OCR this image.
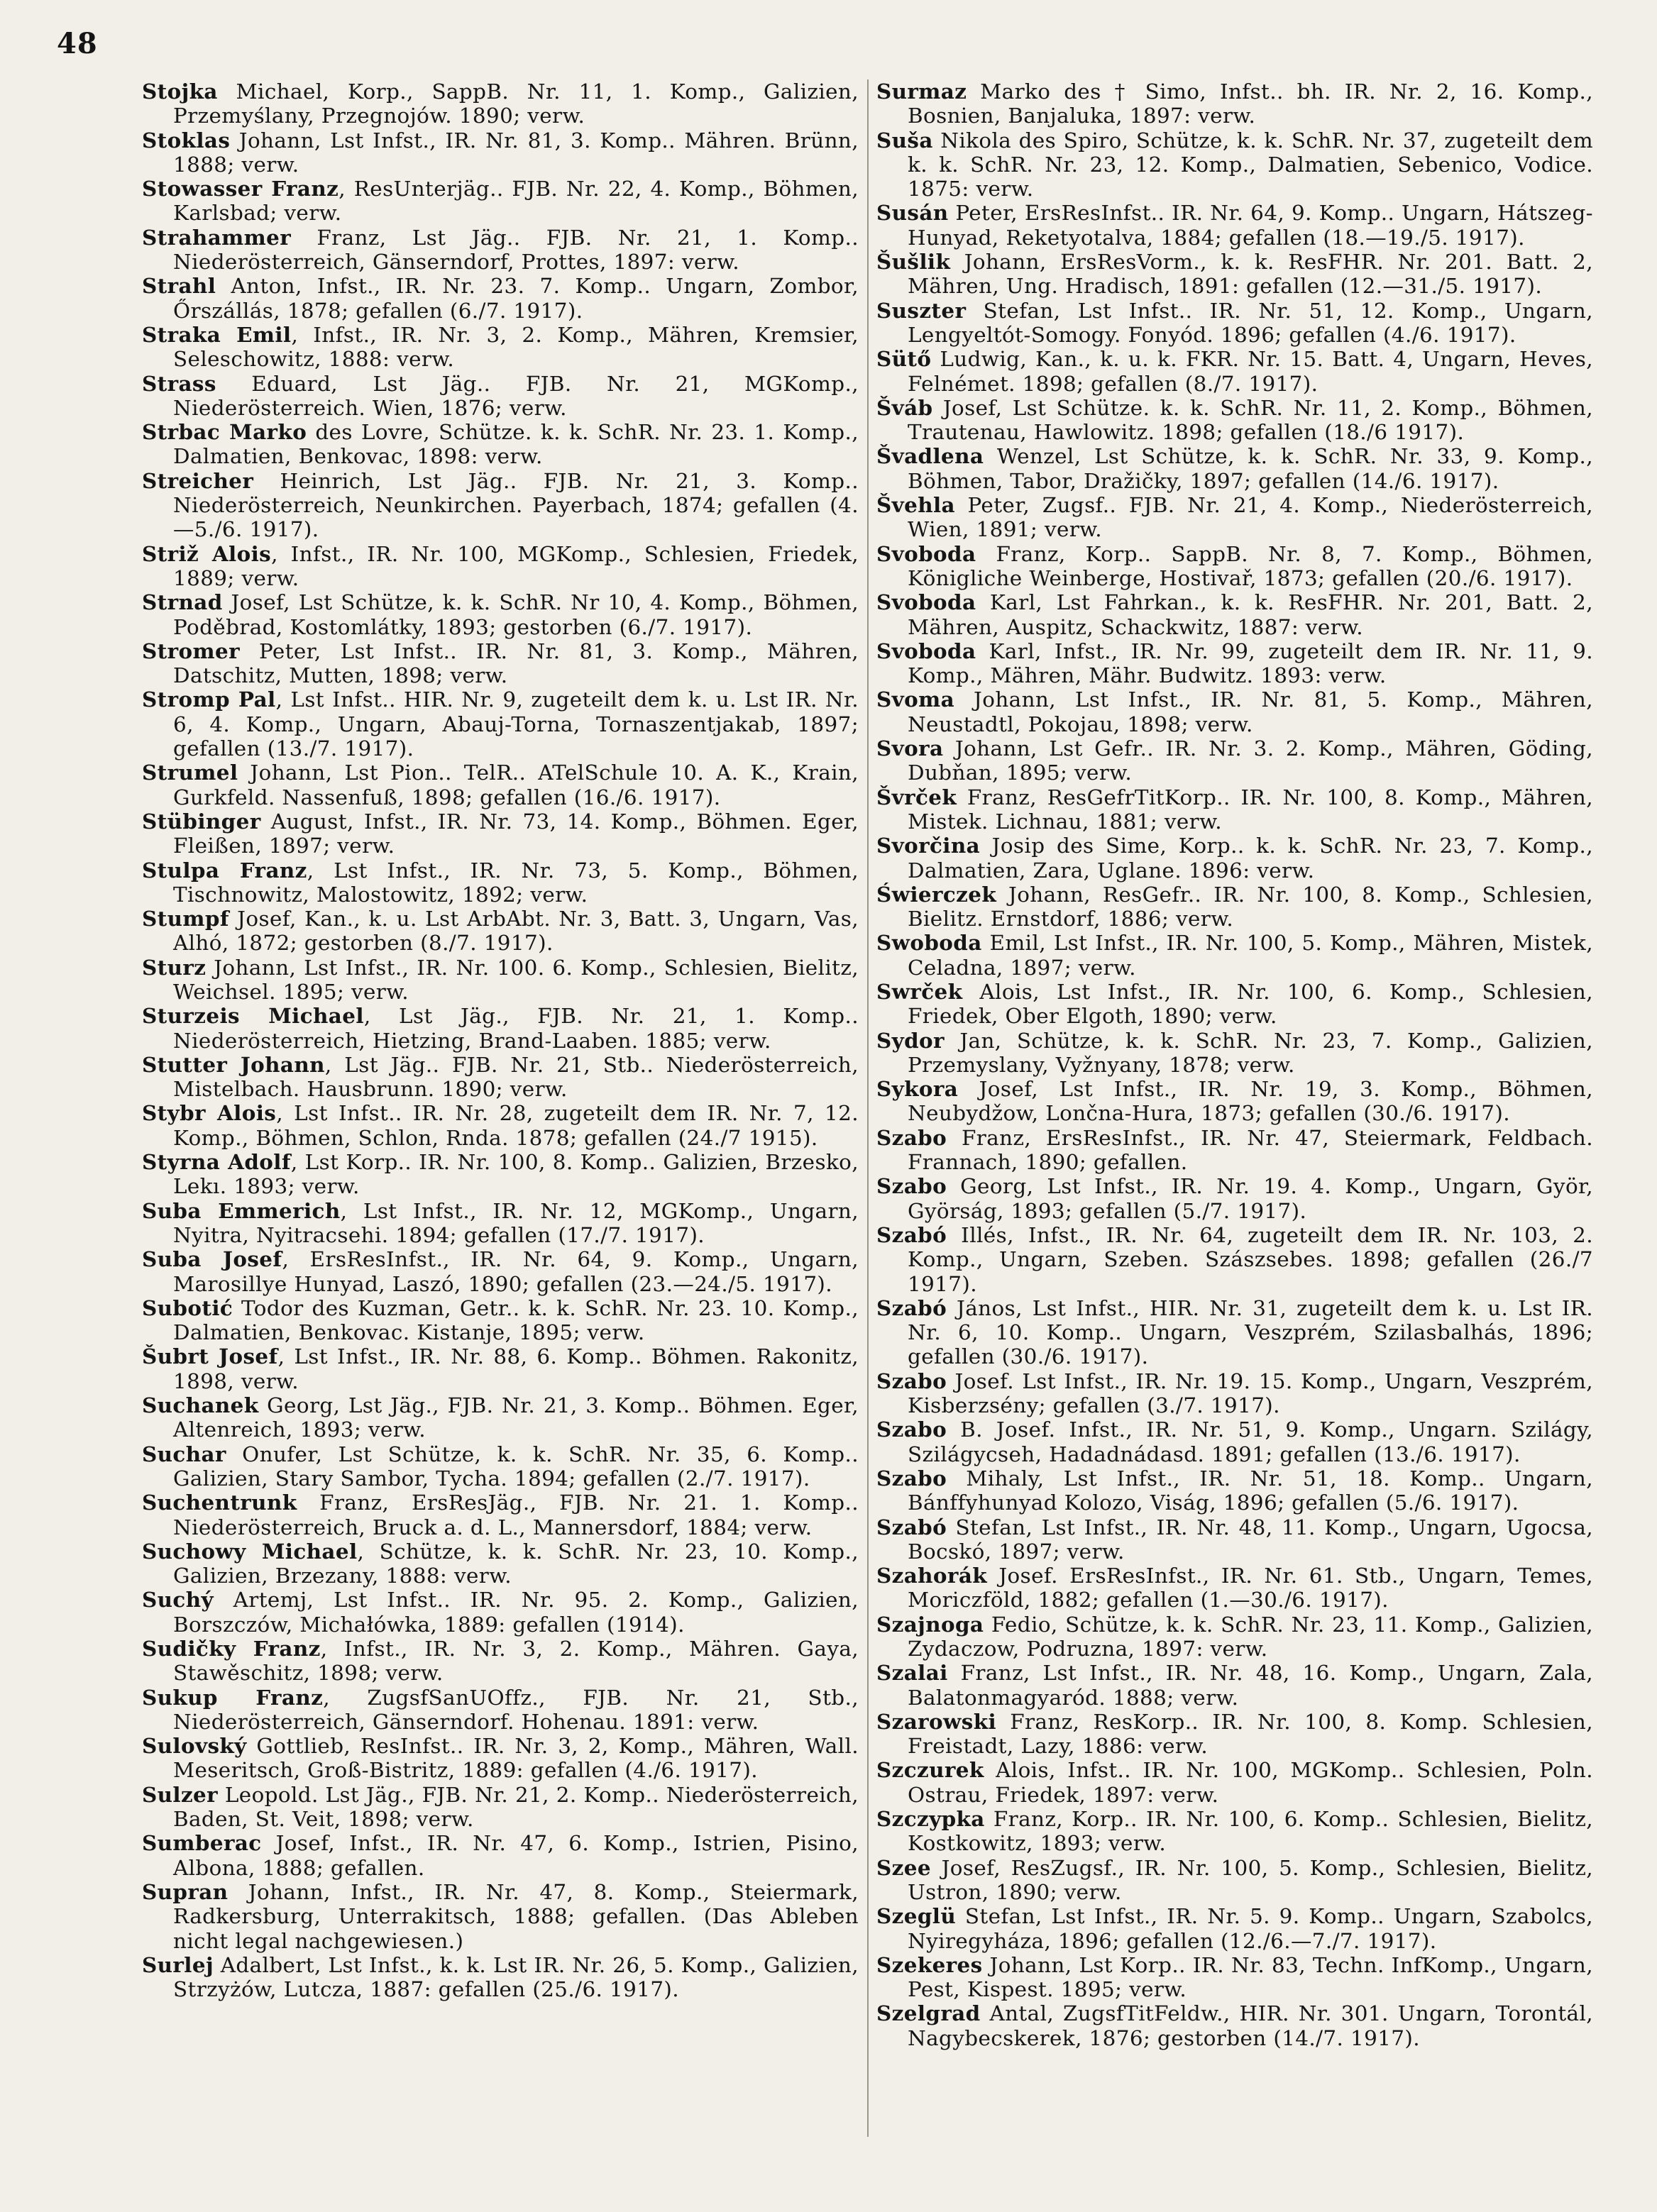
48

Stojka Michael, Korp., SappB. Nr. 11, 1. Komp., Galizien, Przemyślany, Przegnojów. 1890; verw.

Stoklas Johann, Lst Infst., IR. Nr. 81, 3. Komp.. Mähren. Brünn, 1888; verw.

Stowasser Franz, ResUnterjäg.. FJB. Nr. 22, 4. Komp., Böhmen, Karlsbad; verw.

Strahammer Franz, Lst Jäg.. FJB. Nr. 21, 1. Komp.. Niederösterreich, Gänserndorf, Prottes, 1897: verw.

Strahl Anton, Infst., IR. Nr. 23. 7. Komp.. Ungarn, Zombor, Őrszállás, 1878; gefallen (6./7. 1917).

Straka Emil, Infst., IR. Nr. 3, 2. Komp., Mähren, Kremsier, Seleschowitz, 1888: verw.

Strass Eduard, Lst Jäg.. FJB. Nr. 21, MGKomp., Niederösterreich. Wien, 1876; verw.

Strbac Marko des Lovre, Schütze. k. k. SchR. Nr. 23. 1. Komp., Dalmatien, Benkovac, 1898: verw.

Streicher Heinrich, Lst Jäg.. FJB. Nr. 21, 3. Komp.. Niederösterreich, Neunkirchen. Payerbach, 1874; gefallen (4.—5./6. 1917).

Striž Alois, Infst., IR. Nr. 100, MGKomp., Schlesien, Friedek, 1889; verw.

Strnad Josef, Lst Schütze, k. k. SchR. Nr 10, 4. Komp., Böhmen, Poděbrad, Kostomlátky, 1893; gestorben (6./7. 1917).

Stromer Peter, Lst Infst.. IR. Nr. 81, 3. Komp., Mähren, Datschitz, Mutten, 1898; verw.

Stromp Pal, Lst Infst.. HIR. Nr. 9, zugeteilt dem k. u. Lst IR. Nr. 6, 4. Komp., Ungarn, Abauj-Torna, Tornaszentjakab, 1897; gefallen (13./7. 1917).

Strumel Johann, Lst Pion.. TelR.. ATelSchule 10. A. K., Krain, Gurkfeld. Nassenfuß, 1898; gefallen (16./6. 1917).

Stübinger August, Infst., IR. Nr. 73, 14. Komp., Böhmen. Eger, Fleißen, 1897; verw.

Stulpa Franz, Lst Infst., IR. Nr. 73, 5. Komp., Böhmen, Tischnowitz, Malostowitz, 1892; verw.

Stumpf Josef, Kan., k. u. Lst ArbAbt. Nr. 3, Batt. 3, Ungarn, Vas, Alhó, 1872; gestorben (8./7. 1917).

Sturz Johann, Lst Infst., IR. Nr. 100. 6. Komp., Schlesien, Bielitz, Weichsel. 1895; verw.

Sturzeis Michael, Lst Jäg., FJB. Nr. 21, 1. Komp.. Niederösterreich, Hietzing, Brand-Laaben. 1885; verw.

Stutter Johann, Lst Jäg.. FJB. Nr. 21, Stb.. Niederösterreich, Mistelbach. Hausbrunn. 1890; verw.

Stybr Alois, Lst Infst.. IR. Nr. 28, zugeteilt dem IR. Nr. 7, 12. Komp., Böhmen, Schlon, Rnda. 1878; gefallen (24./7 1915).

Styrna Adolf, Lst Korp.. IR. Nr. 100, 8. Komp.. Galizien, Brzesko, Lekı. 1893; verw.

Suba Emmerich, Lst Infst., IR. Nr. 12, MGKomp., Ungarn, Nyitra, Nyitracsehi. 1894; gefallen (17./7. 1917).

Suba Josef, ErsResInfst., IR. Nr. 64, 9. Komp., Ungarn, Marosillye Hunyad, Laszó, 1890; gefallen (23.—24./5. 1917).

Subotić Todor des Kuzman, Getr.. k. k. SchR. Nr. 23. 10. Komp., Dalmatien, Benkovac. Kistanje, 1895; verw.

Šubrt Josef, Lst Infst., IR. Nr. 88, 6. Komp.. Böhmen. Rakonitz, 1898, verw.

Suchanek Georg, Lst Jäg., FJB. Nr. 21, 3. Komp.. Böhmen. Eger, Altenreich, 1893; verw.

Suchar Onufer, Lst Schütze, k. k. SchR. Nr. 35, 6. Komp.. Galizien, Stary Sambor, Tycha. 1894; gefallen (2./7. 1917).

Suchentrunk Franz, ErsResJäg., FJB. Nr. 21. 1. Komp.. Niederösterreich, Bruck a. d. L., Mannersdorf, 1884; verw.

Suchowy Michael, Schütze, k. k. SchR. Nr. 23, 10. Komp., Galizien, Brzezany, 1888: verw.

Suchý Artemj, Lst Infst.. IR. Nr. 95. 2. Komp., Galizien, Borszczów, Michałówka, 1889: gefallen (1914).

Sudičky Franz, Infst., IR. Nr. 3, 2. Komp., Mähren. Gaya, Stawěschitz, 1898; verw.

Sukup Franz, ZugsfSanUOffz., FJB. Nr. 21, Stb., Niederösterreich, Gänserndorf. Hohenau. 1891: verw.

Sulovský Gottlieb, ResInfst.. IR. Nr. 3, 2, Komp., Mähren, Wall. Meseritsch, Groß-Bistritz, 1889: gefallen (4./6. 1917).

Sulzer Leopold. Lst Jäg., FJB. Nr. 21, 2. Komp.. Niederösterreich, Baden, St. Veit, 1898; verw.

Sumberac Josef, Infst., IR. Nr. 47, 6. Komp., Istrien, Pisino, Albona, 1888; gefallen.

Supran Johann, Infst., IR. Nr. 47, 8. Komp., Steiermark, Radkersburg, Unterrakitsch, 1888; gefallen. (Das Ableben nicht legal nachgewiesen.)

Surlej Adalbert, Lst Infst., k. k. Lst IR. Nr. 26, 5. Komp., Galizien, Strzyżów, Lutcza, 1887: gefallen (25./6. 1917).

Surmaz Marko des † Simo, Infst.. bh. IR. Nr. 2, 16. Komp., Bosnien, Banjaluka, 1897: verw.

Suša Nikola des Spiro, Schütze, k. k. SchR. Nr. 37, zugeteilt dem k. k. SchR. Nr. 23, 12. Komp., Dalmatien, Sebenico, Vodice. 1875: verw.

Susán Peter, ErsResInfst.. IR. Nr. 64, 9. Komp.. Ungarn, Hátszeg-Hunyad, Reketyotalva, 1884; gefallen (18.—19./5. 1917).

Šušlik Johann, ErsResVorm., k. k. ResFHR. Nr. 201. Batt. 2, Mähren, Ung. Hradisch, 1891: gefallen (12.—31./5. 1917).

Suszter Stefan, Lst Infst.. IR. Nr. 51, 12. Komp., Ungarn, Lengyeltót-Somogy. Fonyód. 1896; gefallen (4./6. 1917).

Sütő Ludwig, Kan., k. u. k. FKR. Nr. 15. Batt. 4, Ungarn, Heves, Felnémet. 1898; gefallen (8./7. 1917).

Šváb Josef, Lst Schütze. k. k. SchR. Nr. 11, 2. Komp., Böhmen, Trautenau, Hawlowitz. 1898; gefallen (18./6 1917).

Švadlena Wenzel, Lst Schütze, k. k. SchR. Nr. 33, 9. Komp., Böhmen, Tabor, Dražičky, 1897; gefallen (14./6. 1917).

Švehla Peter, Zugsf.. FJB. Nr. 21, 4. Komp., Niederösterreich, Wien, 1891; verw.

Svoboda Franz, Korp.. SappB. Nr. 8, 7. Komp., Böhmen, Königliche Weinberge, Hostivař, 1873; gefallen (20./6. 1917).

Svoboda Karl, Lst Fahrkan., k. k. ResFHR. Nr. 201, Batt. 2, Mähren, Auspitz, Schackwitz, 1887: verw.

Svoboda Karl, Infst., IR. Nr. 99, zugeteilt dem IR. Nr. 11, 9. Komp., Mähren, Mähr. Budwitz. 1893: verw.

Svoma Johann, Lst Infst., IR. Nr. 81, 5. Komp., Mähren, Neustadtl, Pokojau, 1898; verw.

Svora Johann, Lst Gefr.. IR. Nr. 3. 2. Komp., Mähren, Göding, Dubňan, 1895; verw.

Švrček Franz, ResGefrTitKorp.. IR. Nr. 100, 8. Komp., Mähren, Mistek. Lichnau, 1881; verw.

Svorčina Josip des Sime, Korp.. k. k. SchR. Nr. 23, 7. Komp., Dalmatien, Zara, Uglane. 1896: verw.

Świerczek Johann, ResGefr.. IR. Nr. 100, 8. Komp., Schlesien, Bielitz. Ernstdorf, 1886; verw.

Swoboda Emil, Lst Infst., IR. Nr. 100, 5. Komp., Mähren, Mistek, Celadna, 1897; verw.

Swrček Alois, Lst Infst., IR. Nr. 100, 6. Komp., Schlesien, Friedek, Ober Elgoth, 1890; verw.

Sydor Jan, Schütze, k. k. SchR. Nr. 23, 7. Komp., Galizien, Przemyslany, Vyžnyany, 1878; verw.

Sykora Josef, Lst Infst., IR. Nr. 19, 3. Komp., Böhmen, Neubydžow, Lončna-Hura, 1873; gefallen (30./6. 1917).

Szabo Franz, ErsResInfst., IR. Nr. 47, Steiermark, Feldbach. Frannach, 1890; gefallen.

Szabo Georg, Lst Infst., IR. Nr. 19. 4. Komp., Ungarn, Györ, Györság, 1893; gefallen (5./7. 1917).

Szabó Illés, Infst., IR. Nr. 64, zugeteilt dem IR. Nr. 103, 2. Komp., Ungarn, Szeben. Szászsebes. 1898; gefallen (26./7 1917).

Szabó János, Lst Infst., HIR. Nr. 31, zugeteilt dem k. u. Lst IR. Nr. 6, 10. Komp.. Ungarn, Veszprém, Szilasbalhás, 1896; gefallen (30./6. 1917).

Szabo Josef. Lst Infst., IR. Nr. 19. 15. Komp., Ungarn, Veszprém, Kisberzsény; gefallen (3./7. 1917).

Szabo B. Josef. Infst., IR. Nr. 51, 9. Komp., Ungarn. Szilágy, Szilágycseh, Hadadnádasd. 1891; gefallen (13./6. 1917).

Szabo Mihaly, Lst Infst., IR. Nr. 51, 18. Komp.. Ungarn, Bánffyhunyad Kolozo, Viság, 1896; gefallen (5./6. 1917).

Szabó Stefan, Lst Infst., IR. Nr. 48, 11. Komp., Ungarn, Ugocsa, Bocskó, 1897; verw.

Szahorák Josef. ErsResInfst., IR. Nr. 61. Stb., Ungarn, Temes, Moriczföld, 1882; gefallen (1.—30./6. 1917).

Szajnoga Fedio, Schütze, k. k. SchR. Nr. 23, 11. Komp., Galizien, Zydaczow, Podruzna, 1897: verw.

Szalai Franz, Lst Infst., IR. Nr. 48, 16. Komp., Ungarn, Zala, Balatonmagyaród. 1888; verw.

Szarowski Franz, ResKorp.. IR. Nr. 100, 8. Komp. Schlesien, Freistadt, Lazy, 1886: verw.

Szczurek Alois, Infst.. IR. Nr. 100, MGKomp.. Schlesien, Poln. Ostrau, Friedek, 1897: verw.

Szczypka Franz, Korp.. IR. Nr. 100, 6. Komp.. Schlesien, Bielitz, Kostkowitz, 1893; verw.

Szee Josef, ResZugsf., IR. Nr. 100, 5. Komp., Schlesien, Bielitz, Ustron, 1890; verw.

Szeglü Stefan, Lst Infst., IR. Nr. 5. 9. Komp.. Ungarn, Szabolcs, Nyiregyháza, 1896; gefallen (12./6.—7./7. 1917).

Szekeres Johann, Lst Korp.. IR. Nr. 83, Techn. InfKomp., Ungarn, Pest, Kispest. 1895; verw.

Szelgrad Antal, ZugsfTitFeldw., HIR. Nr. 301. Ungarn, Torontál, Nagybecskerek, 1876; gestorben (14./7. 1917).
